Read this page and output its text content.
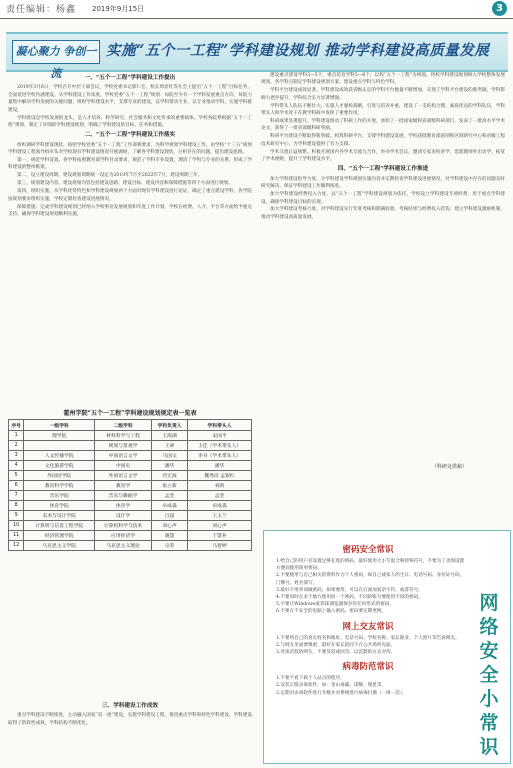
责任编辑：杨鑫 2019年9月15日	3
凝心聚力 争创一流
实施“五个一工程”学科建设规划 推动学科建设高质量发展
一、“五个一工程”学科建设工作提出

2019年3月6日，学校召开中层干部会议，学校党委书记郭仁宏、校长周显红等在会上提出“五个一工程”目标任务，全面促进学校内涵建设。从学科建设工作角度，学校党委“五个一工程”规划：每院至少有一个学科发展重点方向，每院力量集中解决学科发展的关键问题，组织学科建设水平，支撑专业的建设，以学科带动专业，以专业推动学科，实施学科群建设。

学科建设是学校发展的龙头，是人才培养、科学研究、社会服务和文化传承的重要载体。学校各院系根据“五个一工程”规划，制定了详细的学科建设规划，明确了学科建设的目标、任务和措施。

二、“五个一工程”学科建设工作落实

组织调研学科建设现状。按照学校党委“五个一工程”工作部署要求，为科学规划学科建设工作，由学校“十三五”规划学科建设工程领导组牵头对学校现有学科建设情况开展调研，了解各学科建设现状，分析存在的问题，提出建设思路。

第一，规范学科设置。各学科按照教育部学科目录要求，规范了学科专业设置，理清了学科与专业的关系，形成了学科建设的整体框架。

第二，设立建设周期。建设规划周期统一设定为2019年7月至2022年7月，建设周期三年。

第三，规划建设内容。建设规划内容包括建设思路、建设目标、建设内容和保障措施等四个方面进行规划。

第四，组织实施。从学科优势特色和学科建设规划两个方面对现有学科建设进行论证，确定了重点建设学科，各学院按规划要求组织实施，学校定期检查建设进展情况。

保障措施：完成学科建设规划已经纳入学校事业发展规划和年度工作计划，学校在经费、人才、平台等方面给予重点支持，确保学科建设规划顺利实施。

霍州学院“五个一工程”学科建设规划规定表一览表
序号	一级学科	二级学科	学科负责人	学科带头人
1	理学院	材料科学与工程	王海湖	宋国平
2		规划与景观学	王翠	王佳（学术带头人）
3	人文传播学院	中国语言文学	马国文	李书（学术带头人）
4	文化旅游学院	中国史	潘华	潘华
5	外国语学院	外国语言文学	宫宏波	魏秀洁 孟银红
6	教育科学学院	教育学	张立新	刘莉
7	音乐学院	音乐与舞蹈学	孟奎	孟奎
8	体育学院	体育学	卓成淼	卓成淼
9	美术与设计学院	设计学	吕超	王玉兰
10	计算机与信息工程学院	计算机科学与技术	刘心声	刘心声
11	经济管理学院	应用经济学	谢慧	于慧补
12	马克思主义学院	马克思主义理论	宗荣	马智婷
三、学科建设工作成效

重点学科建设不断推进，主动融入国家“双一流”建设，实施学科建设工程，推进重点学科和特色学科建设，学科建设取得了阶段性成效，学科结构不断优化。

建设重点建设学科3—5个，重点培育学科5—6个，以校“五个一工程”为统领，将校学科建设规划纳入学校整体发展规划，各学科点制定学科建设规划方案，建设重点学科与特色学科。

学科平台建设成效显著。学科建设成效获省级认定的学科平台数量不断增加，实现了学科平台建设的新突破，学科影响力逐步提升，学科综合实力显著增强。

学科带头人队伍不断壮大。实施人才强校战略，引进与培养并重，建设了一支结构合理、素质优良的学科队伍，学科带头人和学术骨干在教学科研中发挥了重要作用。

科研成果显著提升。学科建设推动了科研工作的开展，承担了一批国家级和省部级科研项目，发表了一批高水平学术论文，获得了一批省部级科研奖励。

科研平台建设不断取得新突破。构筑科研平台，支撑学科建设发展，学校获批教育部国别和区域研究中心和省级工程技术研究中心，为学科建设提供了有力支撑。

学术交流日益频繁。积极开展国内外学术交流与合作，举办学术会议，邀请专家来校讲学，选派教师外出访学，拓宽了学术视野，提升了学科建设水平。

四、“五个一工程”学科建设工作推进

加大学科建设指导力度。分学科建设学科规划实施内容并定期检查学科建设进展情况，对学科建设中存在的问题及时研究解决，保证学科建设工作顺利推进。

加大学科建设经费投入力度。以“五个一工程”学科建设规划为依托，学校设立学科建设专项经费，用于重点学科建设，确保学科建设目标的实现。

加大学科建设考核力度。对学科建设实行年度考核和期满验收，考核结果与经费投入挂钩，建立学科建设激励机制，推动学科建设高质量发展。

（科研处供稿）
密码安全常识
1.给自己的用户名设置足够长度的密码，最好使用大小写混合和特殊符号，不要为了贪图设置方便而使用简单密码。
2.不要使用与自己相关的资料作为个人密码，如自己或家人的生日、电话号码、身份证号码、门牌号、姓名简写。
3.最好不用单词做密码，如果要用，可以在后面加复杂字符，或者符号。
4.不要同时在多个地方使用同一个密码，不同的账号要使用不同的密码。
5.不要让Windows或者IE浏览器保存你任何形式的密码。
6.不要在不安全的电脑上输入密码，密码要定期更换。
网上交友常识
1.不要将自己的真实姓名和地址、电话号码、学校名称、家长职业、个人照片等告诉网友。
2.与网友见面要慎重，最好在家长陪同下在公共场所见面。
3.对谈话低俗网友，不要反驳或回答，以沉默的方式对待。
病毒防范常识
1.不要不看下载个人站点的程序。
2.安装正版杀毒软件，如：金山毒霸、诺顿、瑞星等。
3.定期对杀毒软件进行升级并对系统进行病毒扫描（一周一次）。
网络安全小常识
